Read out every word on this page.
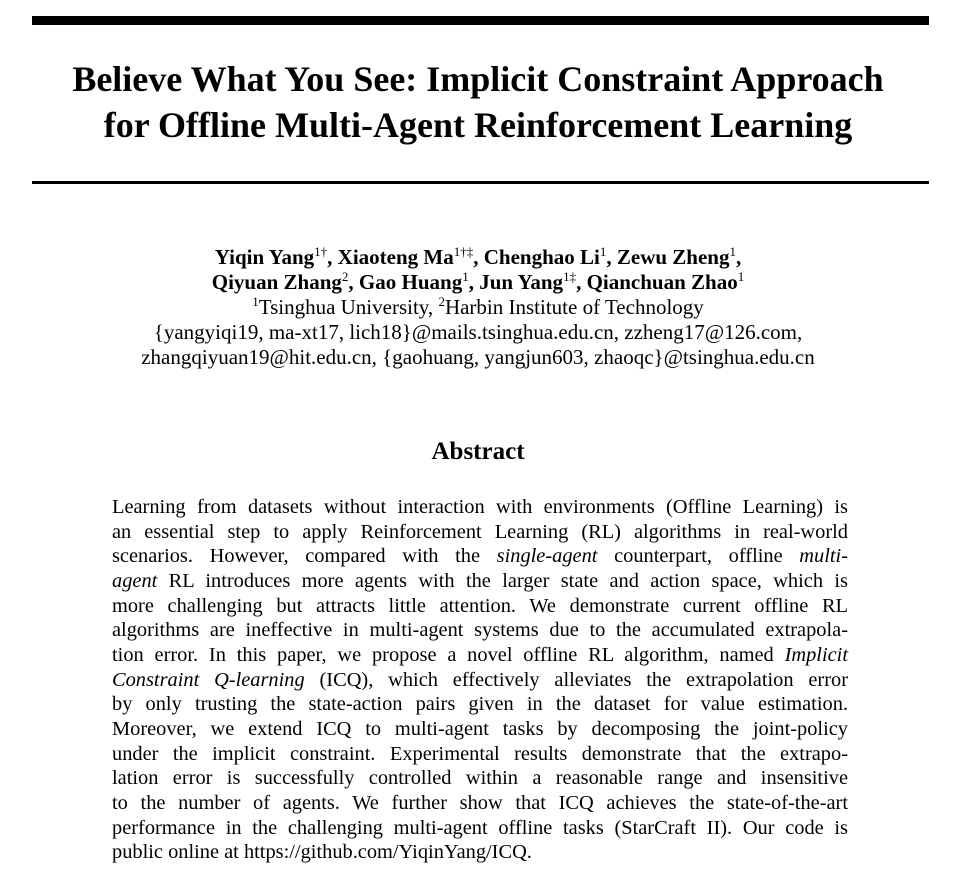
Believe What You See: Implicit Constraint Approach
for Offline Multi-Agent Reinforcement Learning
Yiqin Yang$^{1\dagger}$, Xiaoteng $Ma^{1\dagger\ddagger}$, Chenghao Li$^1$, Zewu Zheng$^1$,
Qiyuan Zhang$^2$, Gao Huang$^1$, Jun Yang$^{1\ddagger}$, Qianchuan Zhao$^1$
$^1$Tsinghua University, $^2$Harbin Institute of Technology
{yangyiqi19, ma-xt17, lich18}@mails.tsinghua.edu.cn, zzheng17@126.com,
zhangqiyuan19@hit.edu.cn, {gaohuang, yangjun603, zhaoqc}@tsinghua.edu.cn
Abstract
Learning from datasets without interaction with environments (Offline Learning) is
an essential step to apply Reinforcement Learning (RL) algorithms in real-world
scenarios. However, compared with the single-agent counterpart, offline multi-
agent RL introduces more agents with the larger state and action space, which is
more challenging but attracts little attention. We demonstrate current offline RL
algorithms are ineffective in multi-agent systems due to the accumulated extrapola-
tion error. In this paper, we propose a novel offline RL algorithm, named Implicit
Constraint Q-learning (ICQ), which effectively alleviates the extrapolation error
by only trusting the state-action pairs given in the dataset for value estimation.
Moreover, we extend ICQ to multi-agent tasks by decomposing the joint-policy
under the implicit constraint. Experimental results demonstrate that the extrapo-
lation error is successfully controlled within a reasonable range and insensitive
to the number of agents. We further show that ICQ achieves the state-of-the-art
performance in the challenging multi-agent offline tasks (StarCraft II). Our code is
public online at https://github.com/YiqinYang/ICQ.
